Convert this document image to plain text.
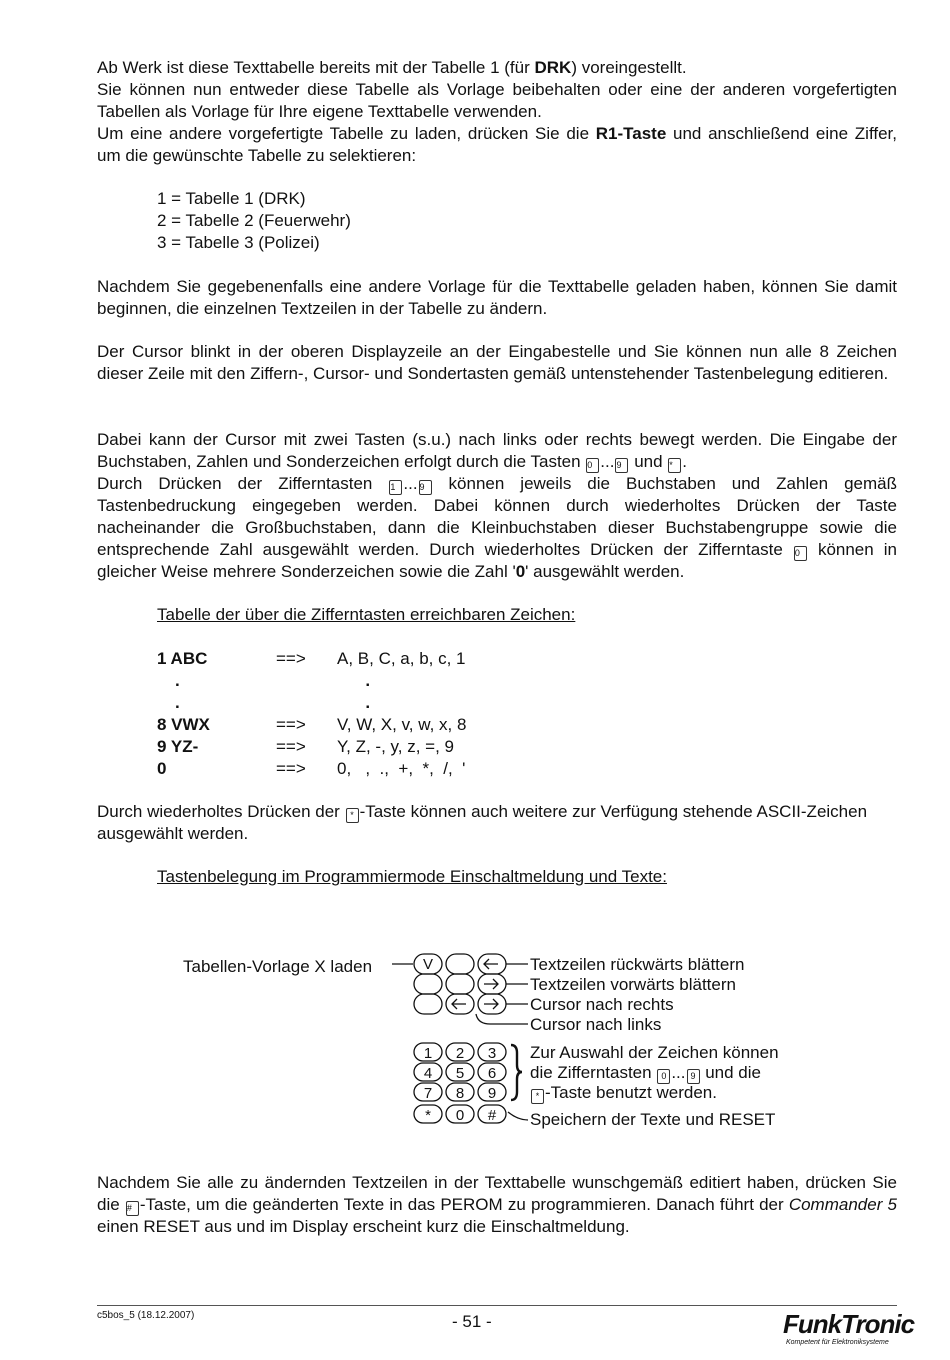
Ab Werk ist diese Texttabelle bereits mit der Tabelle 1 (für DRK) voreingestellt.
Sie können nun entweder diese Tabelle als Vorlage beibehalten oder eine der anderen vorgefertigten Tabellen als Vorlage für Ihre eigene Texttabelle verwenden.
Um eine andere vorgefertigte Tabelle zu laden, drücken Sie die R1-Taste und anschließend eine Ziffer, um die gewünschte Tabelle zu selektieren:
1 = Tabelle 1 (DRK)
2 = Tabelle 2 (Feuerwehr)
3 = Tabelle 3 (Polizei)
Nachdem Sie gegebenenfalls eine andere Vorlage für die Texttabelle geladen haben, können Sie damit beginnen, die einzelnen Textzeilen in der Tabelle zu ändern.
Der Cursor blinkt in der oberen Displayzeile an der Eingabestelle und Sie können nun alle 8 Zeichen dieser Zeile mit den Ziffern-, Cursor- und Sondertasten gemäß untenstehender Tastenbelegung editieren.
Dabei kann der Cursor mit zwei Tasten (s.u.) nach links oder rechts bewegt werden. Die Eingabe der Buchstaben, Zahlen und Sonderzeichen erfolgt durch die Tasten 0 ... 9 und * .
Durch Drücken der Zifferntasten 1 ... 9 können jeweils die Buchstaben und Zahlen gemäß Tastenbedruckung eingegeben werden. Dabei können durch wiederholtes Drücken der Taste nacheinander die Großbuchstaben, dann die Kleinbuchstaben dieser Buchstabengruppe sowie die entsprechende Zahl ausgewählt werden. Durch wiederholtes Drücken der Zifferntaste 0 können in gleicher Weise mehrere Sonderzeichen sowie die Zahl '0' ausgewählt werden.
Tabelle der über die Zifferntasten erreichbaren Zeichen:
1 ABC	==> A, B, C, a, b, c, 1
.	.
.	.
8 VWX	==> V, W, X, v, w, x, 8
9 YZ-	==> Y, Z, -, y, z, =, 9
0	==> 0,   ,  .,  +,  *,  /,  '
Durch wiederholtes Drücken der * -Taste können auch weitere zur Verfügung stehende ASCII-Zeichen ausgewählt werden.
Tastenbelegung im Programmiermode Einschaltmeldung und Texte:
V
1 2 3
4 5 6
7 8 9
* 0 #
Tabellen-Vorlage X laden	Textzeilen rückwärts blättern
Textzeilen vorwärts blättern
Cursor nach rechts
Cursor nach links
Zur Auswahl der Zeichen können
die Zifferntasten 0 ... 9 und die
* -Taste benutzt werden.
Speichern der Texte und RESET
Nachdem Sie alle zu ändernden Textzeilen in der Texttabelle wunschgemäß editiert haben, drücken Sie die # -Taste, um die geänderten Texte in das PEROM zu programmieren. Danach führt der Commander 5 einen RESET aus und im Display erscheint kurz die Einschaltmeldung.
c5bos_5 (18.12.2007)	- 51 -	FunkTronic
Kompetent für Elektroniksysteme
